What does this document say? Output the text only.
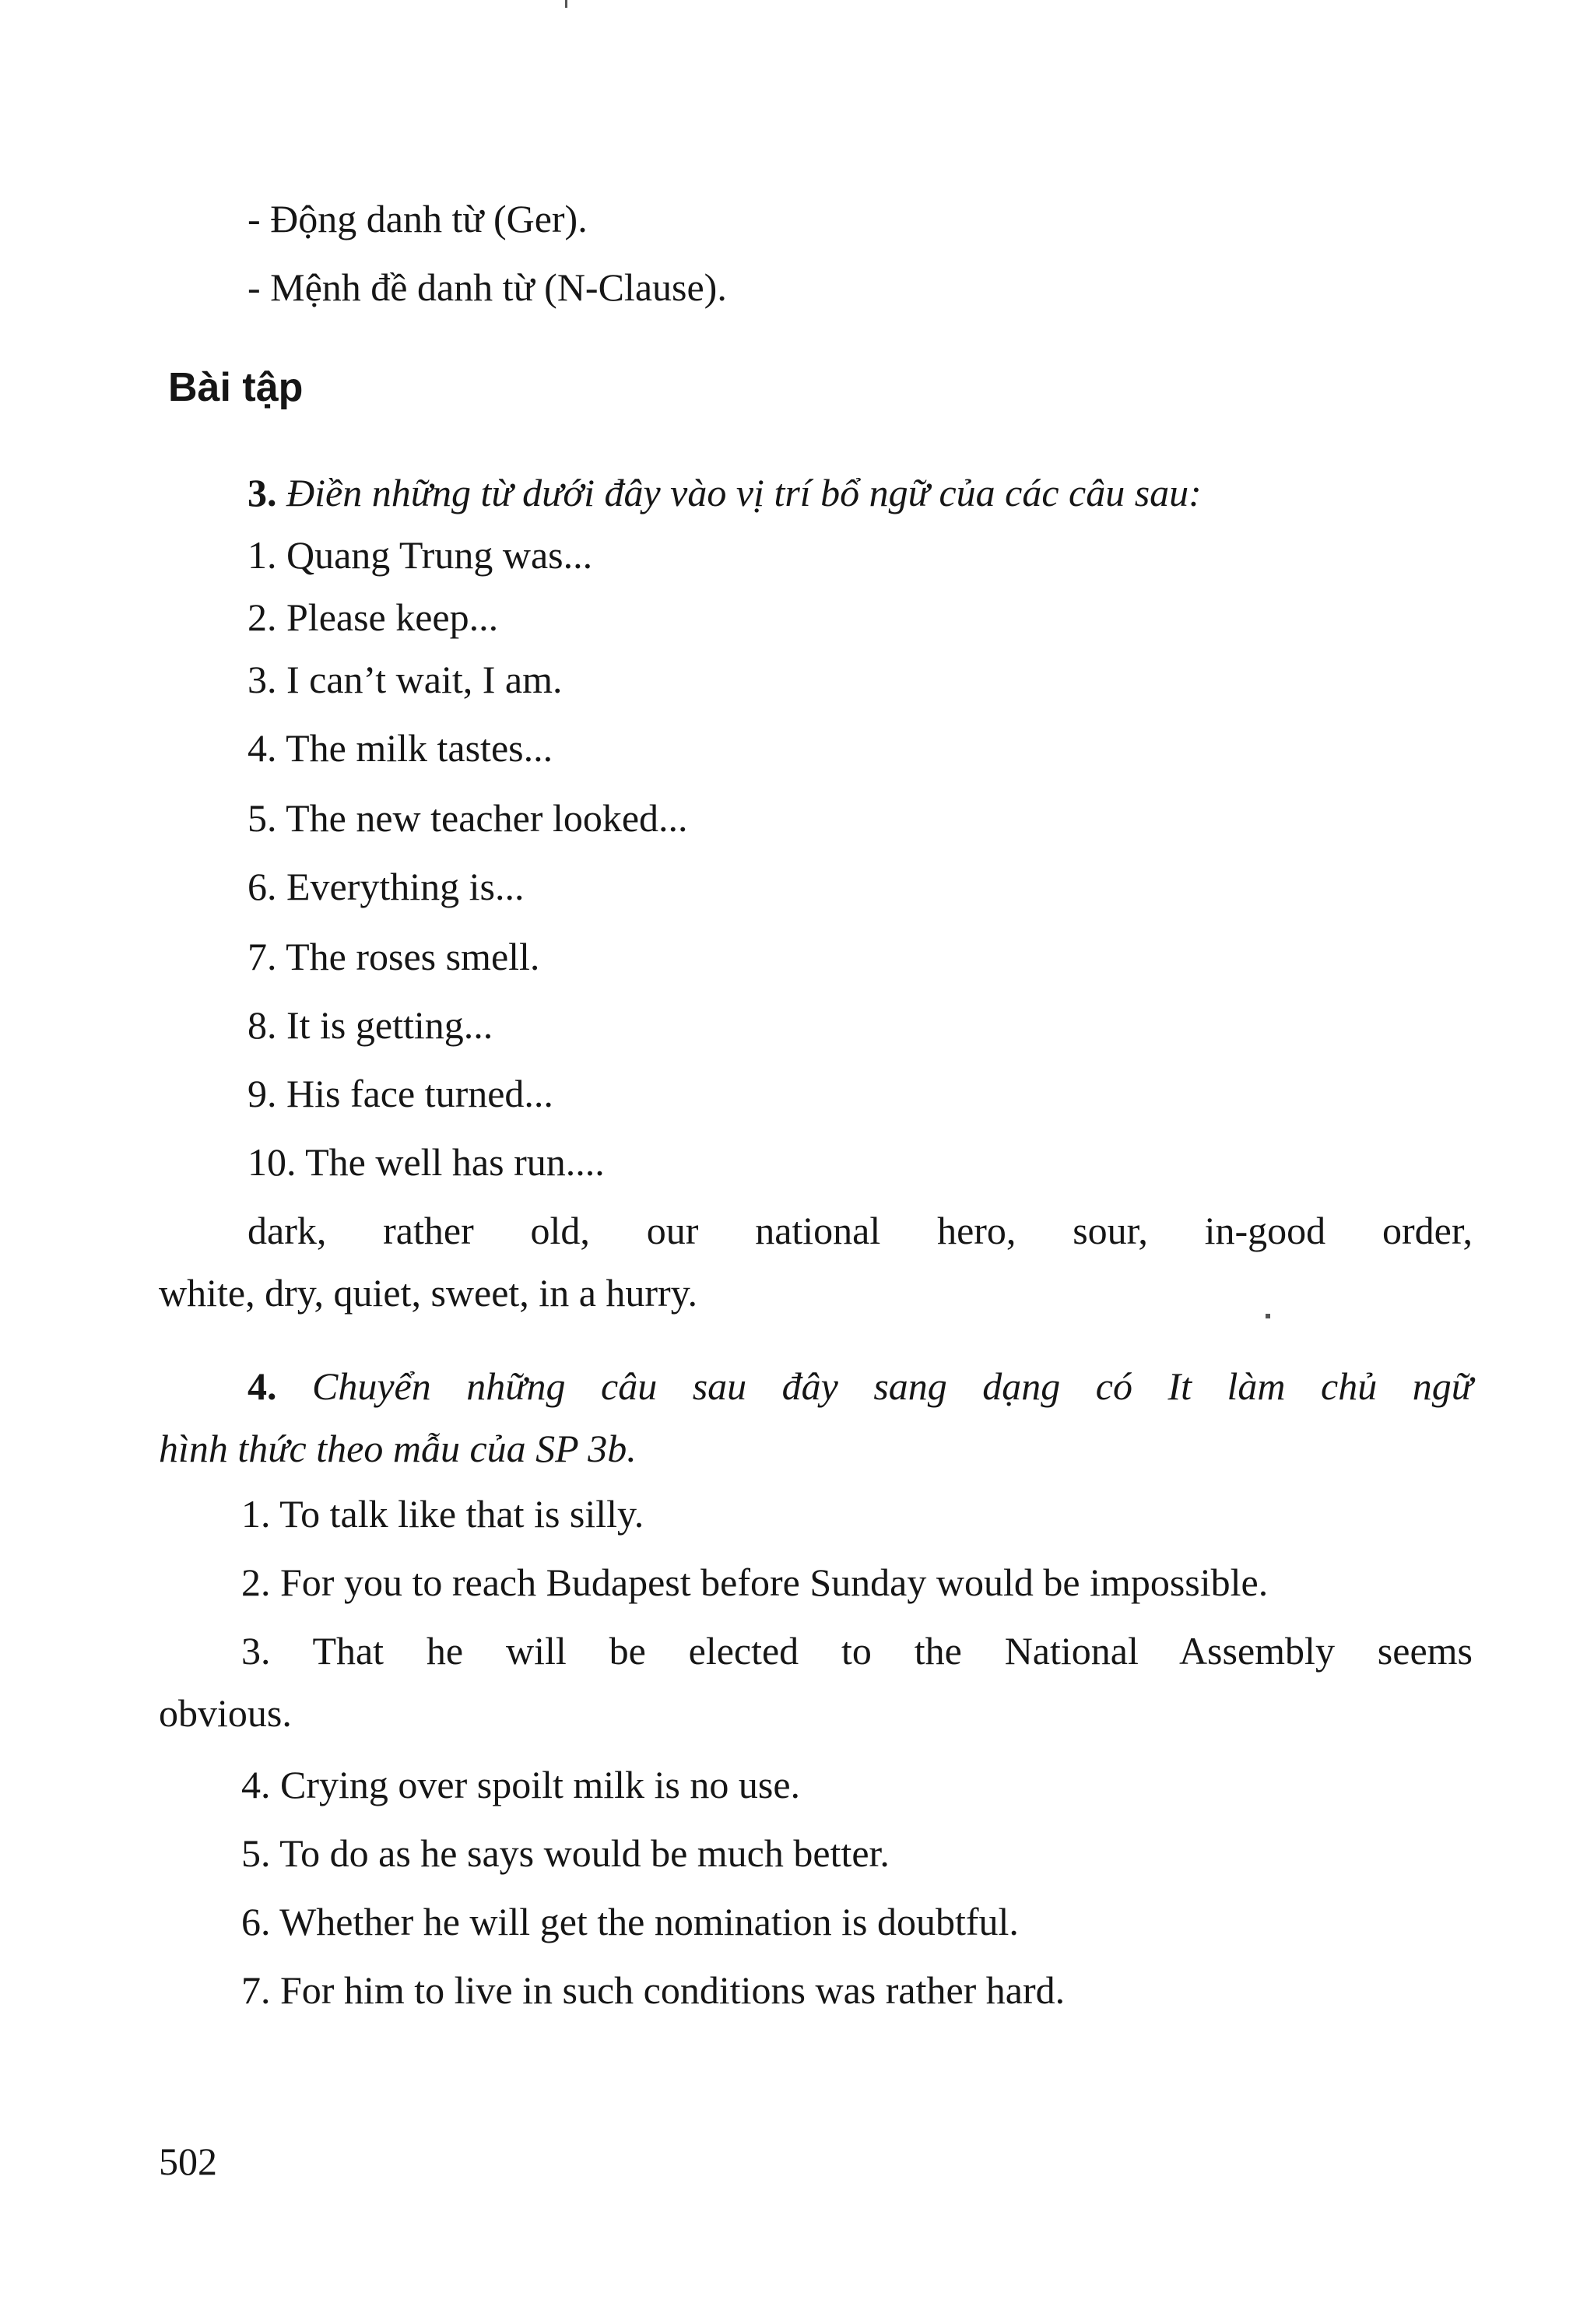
- Động danh từ (Ger).
- Mệnh đề danh từ (N-Clause).
Bài tập
3. Điền những từ dưới đây vào vị trí bổ ngữ của các câu sau:
1. Quang Trung was...
2. Please keep...
3. I can’t wait, I am.
4. The milk tastes...
5. The new teacher looked...
6. Everything is...
7. The roses smell.
8. It is getting...
9. His face turned...
10. The well has run....
dark, rather old, our national hero, sour, in-good order,
white, dry, quiet, sweet, in a hurry.
4. Chuyển những câu sau đây sang dạng có It làm chủ ngữ
hình thức theo mẫu của SP 3b.
1. To talk like that is silly.
2. For you to reach Budapest before Sunday would be impossible.
3. That he will be elected to the National Assembly seems
obvious.
4. Crying over spoilt milk is no use.
5. To do as he says would be much better.
6. Whether he will get the nomination is doubtful.
7. For him to live in such conditions was rather hard.
502
